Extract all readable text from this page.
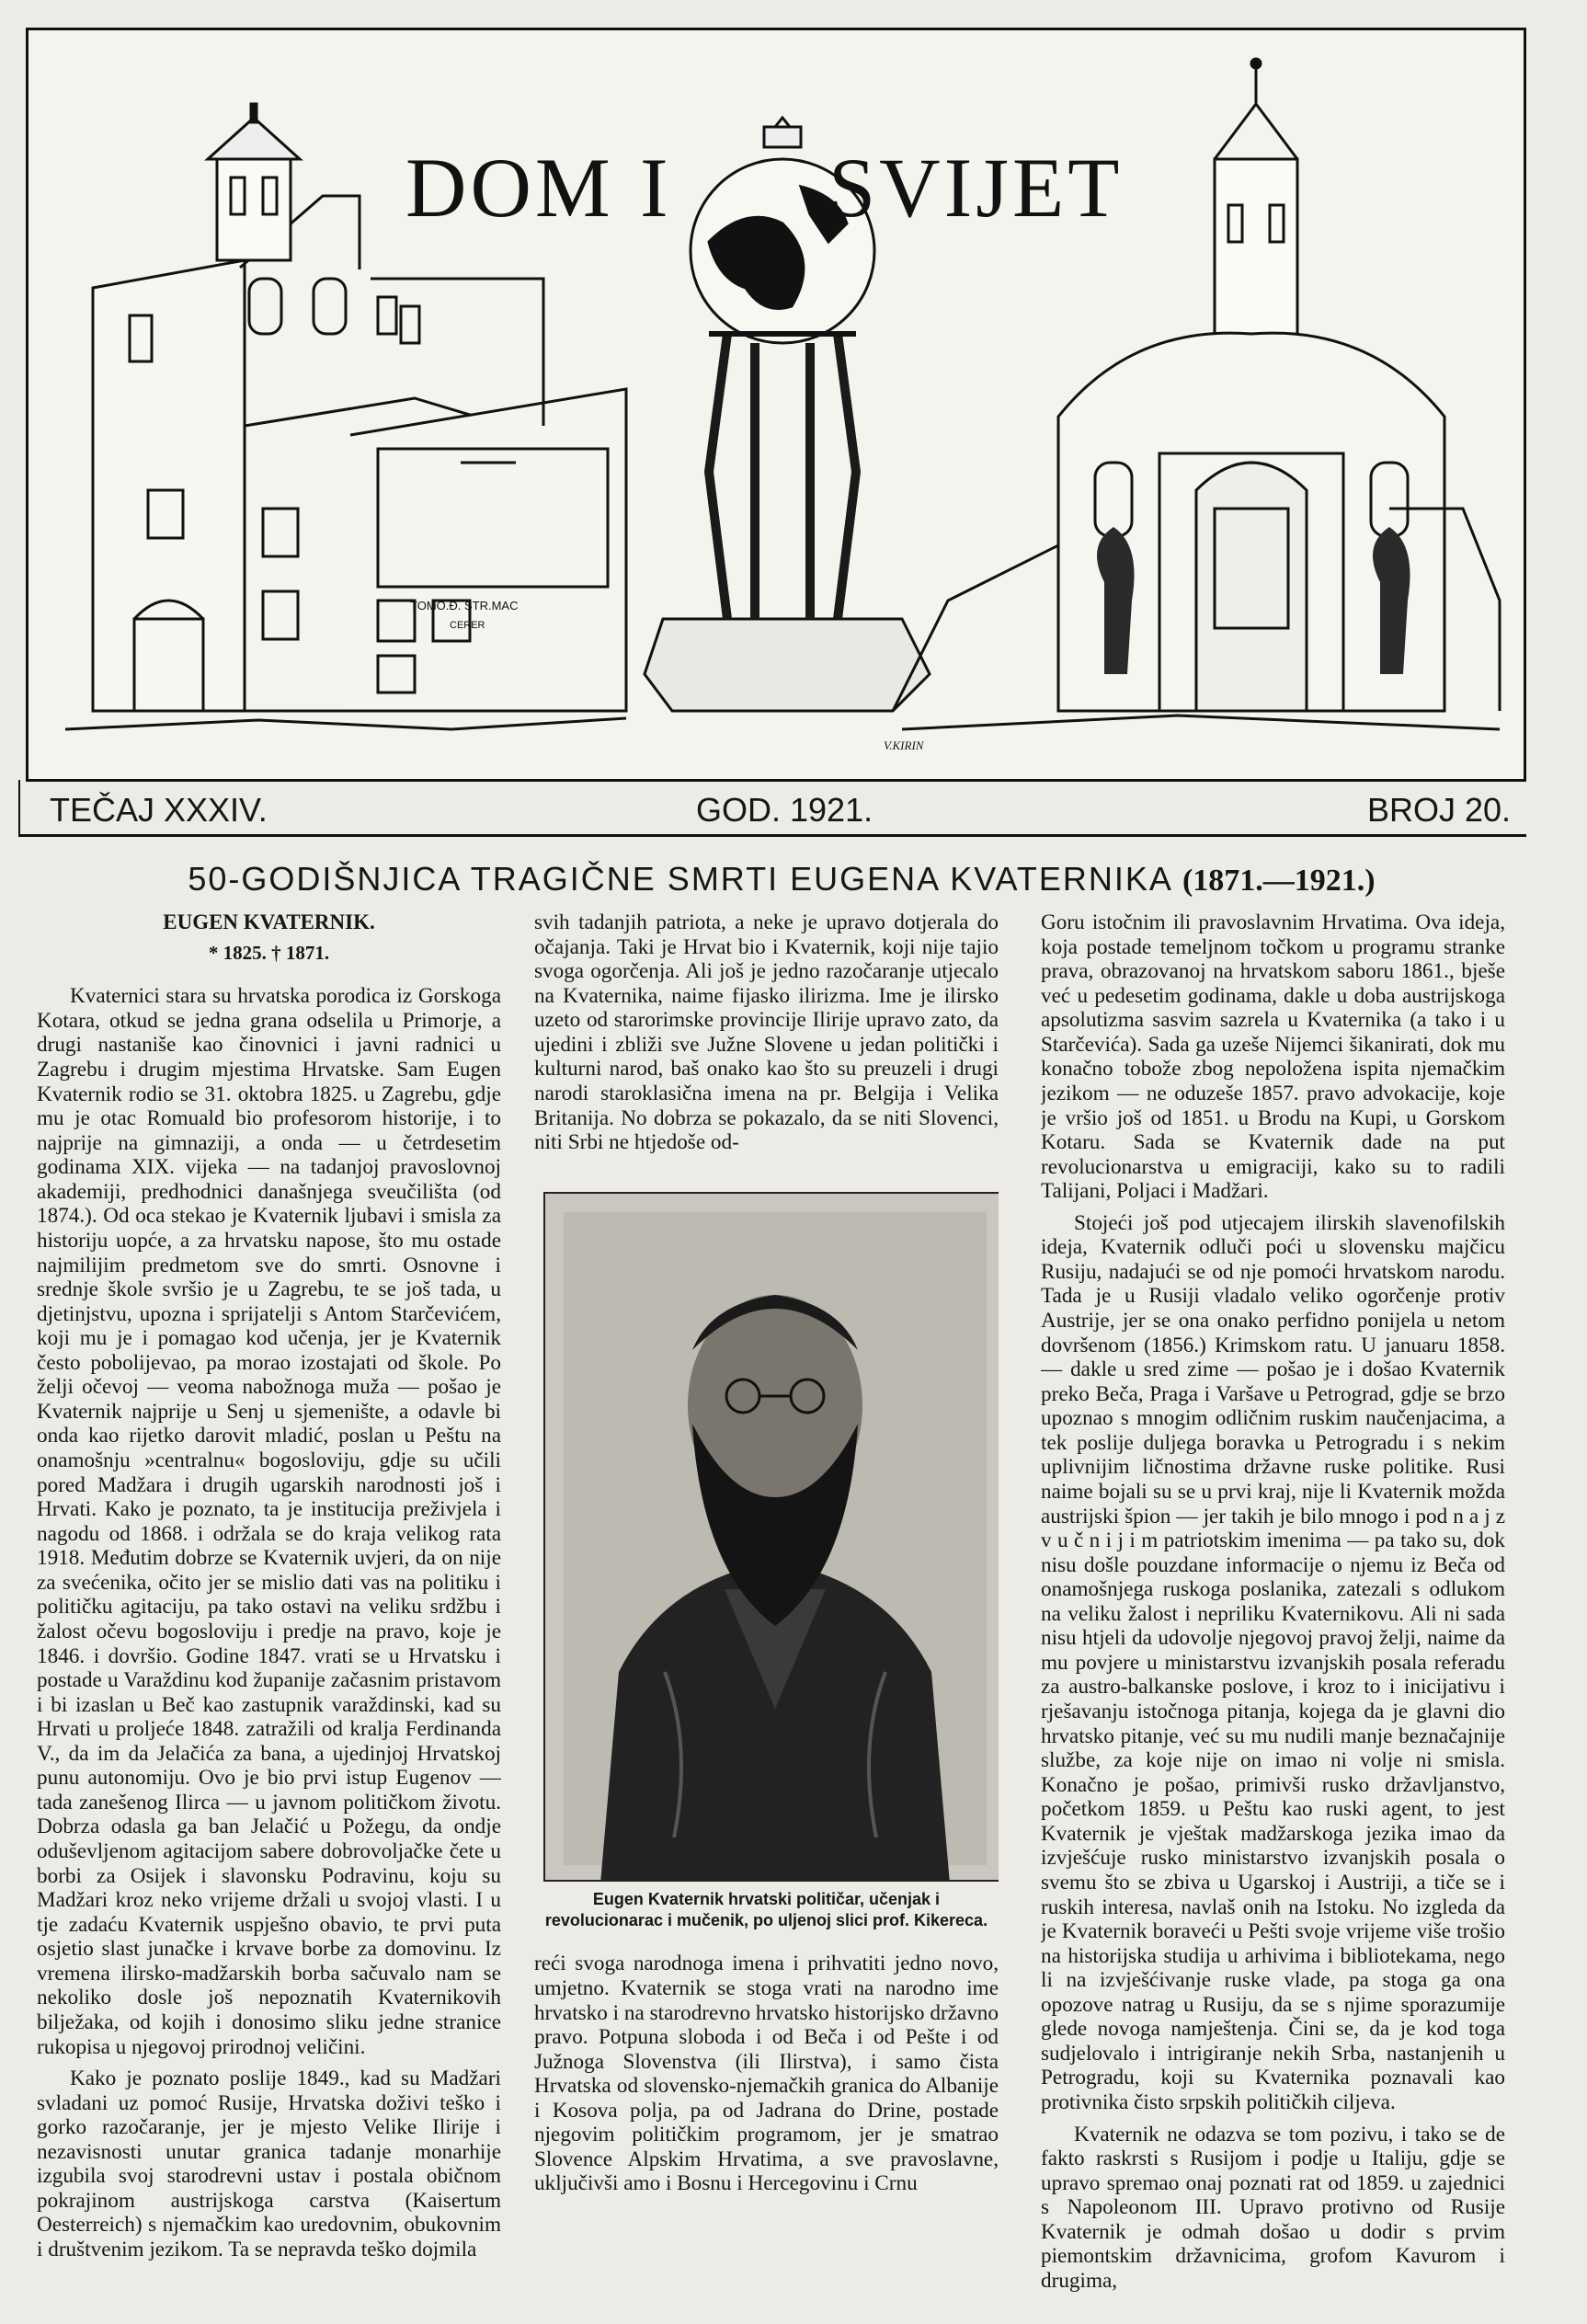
TOMO.Đ. STR.MAC
CERER
DOM I SVIJET
V.KIRIN
TEČAJ XXXIV.	GOD. 1921.	BROJ 20.
50-GODIŠNJICA TRAGIČNE SMRTI EUGENA KVATERNIKA (1871.—1921.)

EUGEN KVATERNIK.

* 1825. † 1871.

Kvaternici stara su hrvatska porodica iz Gorskoga Kotara, otkud se jedna grana odselila u Primorje, a drugi nastaniše kao činovnici i javni radnici u Zagrebu i drugim mjestima Hrvatske. Sam Eugen Kvaternik rodio se 31. oktobra 1825. u Zagrebu, gdje mu je otac Romuald bio profesorom historije, i to najprije na gimnaziji, a onda — u četrdesetim godinama XIX. vijeka — na tadanjoj pravoslovnoj akademiji, predhodnici današnjega sveučilišta (od 1874.). Od oca stekao je Kvaternik ljubavi i smisla za historiju uopće, a za hrvatsku napose, što mu ostade najmilijim predmetom sve do smrti. Osnovne i srednje škole svršio je u Zagrebu, te se još tada, u djetinjstvu, upozna i sprijatelji s Antom Starčevićem, koji mu je i pomagao kod učenja, jer je Kvaternik često pobolijevao, pa morao izostajati od škole. Po želji očevoj — veoma nabožnoga muža — pošao je Kvaternik najprije u Senj u sjemenište, a odavle bi onda kao rijetko darovit mladić, poslan u Peštu na onamošnju »centralnu« bogosloviju, gdje su učili pored Madžara i drugih ugarskih narodnosti još i Hrvati. Kako je poznato, ta je institucija preživjela i nagodu od 1868. i održala se do kraja velikog rata 1918. Međutim dobrze se Kvaternik uvjeri, da on nije za svećenika, očito jer se mislio dati vas na politiku i političku agitaciju, pa tako ostavi na veliku srdžbu i žalost očevu bogosloviju i predje na pravo, koje je 1846. i dovršio. Godine 1847. vrati se u Hrvatsku i postade u Varaždinu kod županije začasnim pristavom i bi izaslan u Beč kao zastupnik varaždinski, kad su Hrvati u proljeće 1848. zatražili od kralja Ferdinanda V., da im da Jelačića za bana, a ujedinjoj Hrvatskoj punu autonomiju. Ovo je bio prvi istup Eugenov — tada zanešenog Ilirca — u javnom političkom životu. Dobrza odasla ga ban Jelačić u Požegu, da ondje oduševljenom agitacijom saberе dobrovoljačke čete u borbi za Osijek i slavonsku Podravinu, koju su Madžari kroz neko vrijeme držali u svojoj vlasti. I u tje zadaću Kvaternik uspješno obavio, te prvi puta osjetio slast junačke i krvave borbe za domovinu. Iz vremena ilirsko-madžarskih borba sačuvalo nam se nekoliko dosle još nepoznatih Kvaternikovih bilježaka, od kojih i donosimo sliku jedne stranice rukopisa u njegovoj prirodnoj veličini.

Kako je poznato poslije 1849., kad su Madžari svladani uz pomoć Rusije, Hrvatska doživi teško i gorko razočaranje, jer je mjesto Velike Ilirije i nezavisnosti unutar granica tadanje monarhije izgubila svoj starodrevni ustav i postala običnom pokrajinom austrijskoga carstva (Kaisertum Oesterreich) s njemačkim kao uredovnim, obukovnim i društvenim jezikom. Ta se nepravda teško dojmila

svih tadanjih patriota, a neke je upravo dotjerala do očajanja. Taki je Hrvat bio i Kvaternik, koji nije tajio svoga ogorčenja. Ali još je jedno razočaranje utjecalo na Kvaternika, naime fijasko ilirizma. Ime je ilirsko uzeto od starorimske provincije Ilirije upravo zato, da ujedini i zbliži sve Južne Slovene u jedan politički i kulturni narod, baš onako kao što su preuzeli i drugi narodi staroklasična imena na pr. Belgija i Velika Britanija. No dobrza se pokazalo, da se niti Slovenci, niti Srbi ne htjedoše od-

Eugen Kvaternik hrvatski političar, učenjak i revolucionarac i mučenik, po uljenoj slici prof. Kikereca.

reći svoga narodnoga imena i prihvatiti jedno novo, umjetno. Kvaternik se stoga vrati na narodno ime hrvatsko i na starodrevno hrvatsko historijsko državno pravo. Potpuna sloboda i od Beča i od Pešte i od Južnoga Slovenstva (ili Ilirstva), i samo čista Hrvatska od slovensko-njemačkih granica do Albanije i Kosova polja, pa od Jadrana do Drine, postade njegovim političkim programom, jer je smatrao Slovence Alpskim Hrvatima, a sve pravoslavne, uključivši amo i Bosnu i Hercegovinu i Crnu

Goru istočnim ili pravoslavnim Hrvatima. Ova ideja, koja postade temeljnom točkom u programu stranke prava, obrazovanoj na hrvatskom saboru 1861., bješe već u pedesetim godinama, dakle u doba austrijskoga apsolutizma sasvim sazrela u Kvaternika (a tako i u Starčevića). Sada ga uzeše Nijemci šikanirati, dok mu konačno tobože zbog nepoložena ispita njemačkim jezikom — ne oduzeše 1857. pravo advokacije, koje je vršio još od 1851. u Brodu na Kupi, u Gorskom Kotaru. Sada se Kvaternik dade na put revolucionarstva u emigraciji, kako su to radili Talijani, Poljaci i Madžari.

Stojeći još pod utjecajem ilirskih slavenofilskih ideja, Kvaternik odluči poći u slovensku majčicu Rusiju, nadajući se od nje pomoći hrvatskom narodu. Tada je u Rusiji vladalo veliko ogorčenje protiv Austrije, jer se ona onako perfidno ponijela u netom dovršenom (1856.) Krimskom ratu. U januaru 1858. — dakle u sred zime — pošao je i došao Kvaternik preko Beča, Praga i Varšave u Petrograd, gdje se brzo upoznao s mnogim odličnim ruskim naučenjacima, a tek poslije duljega boravka u Petrogradu i s nekim uplivnijim ličnostima državne ruske politike. Rusi naime bojali su se u prvi kraj, nije li Kvaternik možda austrijski špion — jer takih je bilo mnogo i pod n a j z v u č n i j i m patriotskim imenima — pa tako su, dok nisu došle pouzdane informacije o njemu iz Beča od onamošnjega ruskoga poslanika, zatezali s odlukom na veliku žalost i nepriliku Kvaternikovu. Ali ni sada nisu htjeli da udovolje njegovoj pravoj želji, naime da mu povjere u ministarstvu izvanjskih posala referadu za austro-balkanske poslove, i kroz to i inicijativu i rješavanju istočnoga pitanja, kojega da je glavni dio hrvatsko pitanje, već su mu nudili manje beznačajnije službe, za koje nije on imao ni volje ni smisla. Konačno je pošao, primivši rusko državljanstvo, početkom 1859. u Peštu kao ruski agent, to jest Kvaternik je vještak madžarskoga jezika imao da izvješćuje rusko ministarstvo izvanjskih posala o svemu što se zbiva u Ugarskoj i Austriji, a tiče se i ruskih interesa, navlaš onih na Istoku. No izgleda da je Kvaternik boraveći u Pešti svoje vrijeme više trošio na historijska studija u arhivima i bibliotekama, nego li na izvješćivanje ruske vlade, pa stoga ga ona opozove natrag u Rusiju, da se s njime sporazumije glede novoga namještenja. Čini se, da je kod toga sudjelovalo i intrigiranje nekih Srba, nastanjenih u Petrogradu, koji su Kvaternika poznavali kao protivnika čisto srpskih političkih ciljeva.

Kvaternik ne odazva se tom pozivu, i tako se de fakto raskrsti s Rusijom i podje u Italiju, gdje se upravo spremao onaj poznati rat od 1859. u zajednici s Napoleonom III. Upravo protivno od Rusije Kvaternik je odmah došao u dodir s prvim piemontskim državnicima, grofom Kavurom i drugima,
